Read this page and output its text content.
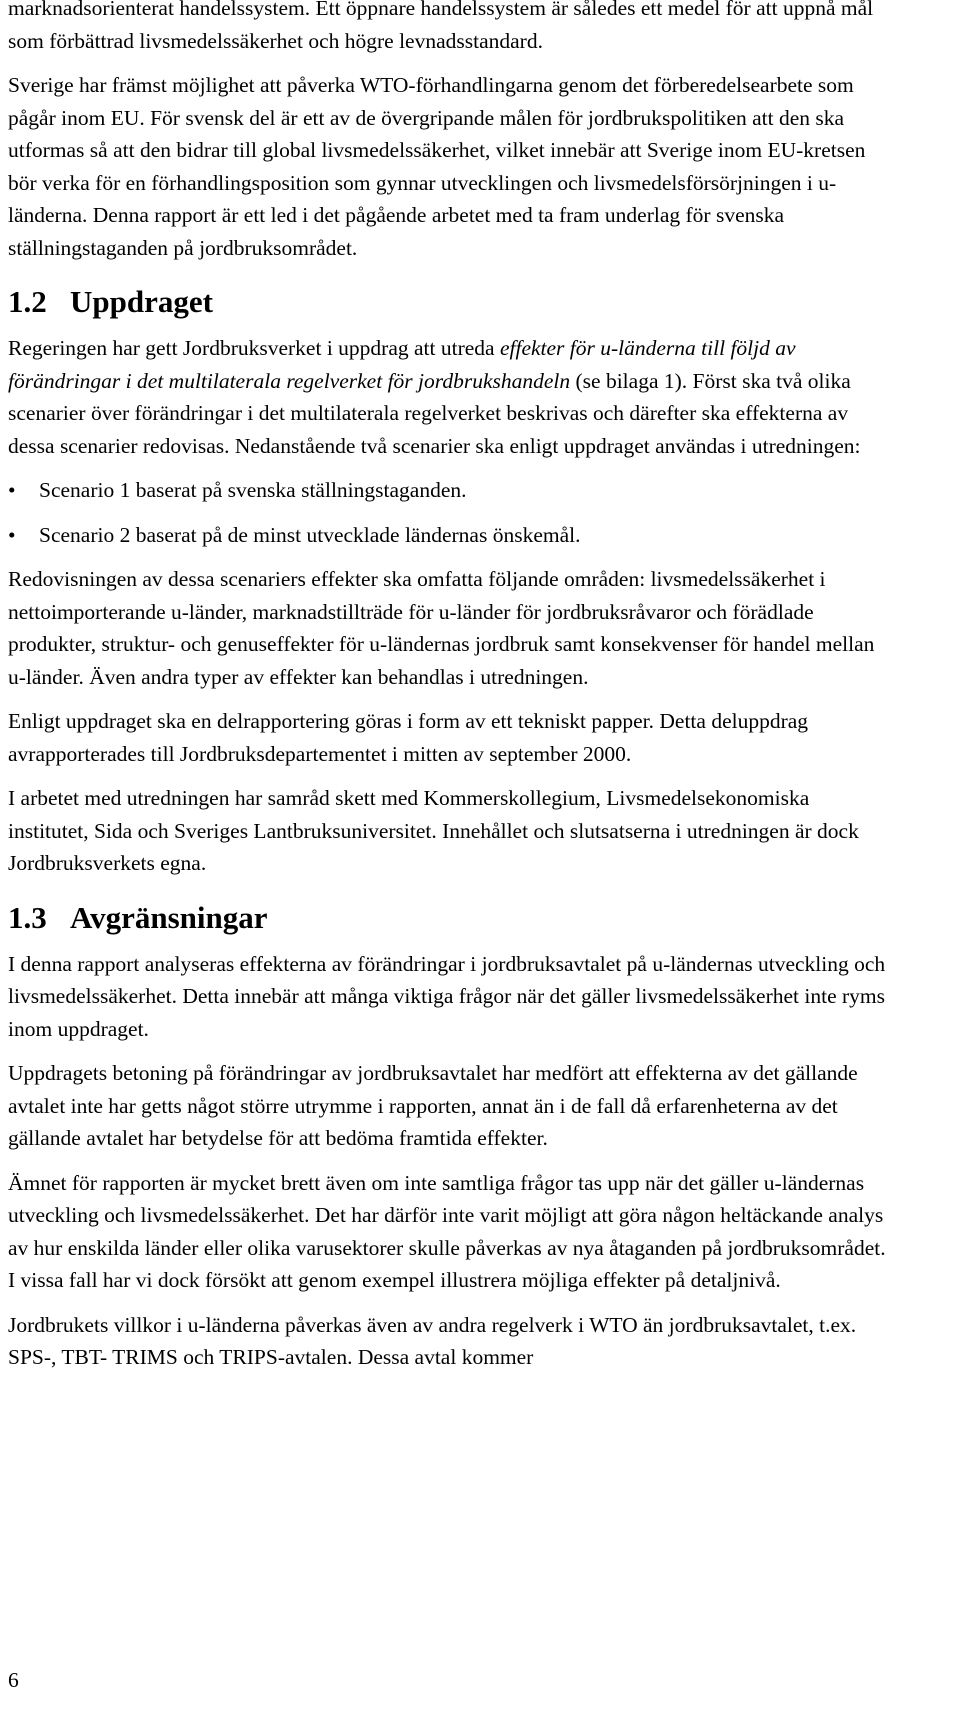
marknadsorienterat handelssystem. Ett öppnare handelssystem är således ett medel för att uppnå mål som förbättrad livsmedelssäkerhet och högre levnadsstandard.

Sverige har främst möjlighet att påverka WTO-förhandlingarna genom det förberedelsearbete som pågår inom EU. För svensk del är ett av de övergripande målen för jordbrukspolitiken att den ska utformas så att den bidrar till global livsmedelssäkerhet, vilket innebär att Sverige inom EU-kretsen bör verka för en förhandlingsposition som gynnar utvecklingen och livsmedelsförsörjningen i u-länderna. Denna rapport är ett led i det pågående arbetet med ta fram underlag för svenska ställningstaganden på jordbruksområdet.

1.2 Uppdraget

Regeringen har gett Jordbruksverket i uppdrag att utreda effekter för u-länderna till följd av förändringar i det multilaterala regelverket för jordbrukshandeln (se bilaga 1). Först ska två olika scenarier över förändringar i det multilaterala regelverket beskrivas och därefter ska effekterna av dessa scenarier redovisas. Nedanstående två scenarier ska enligt uppdraget användas i utredningen:

•	Scenario 1 baserat på svenska ställningstaganden.
•	Scenario 2 baserat på de minst utvecklade ländernas önskemål.

Redovisningen av dessa scenariers effekter ska omfatta följande områden: livsmedelssäkerhet i nettoimporterande u-länder, marknadstillträde för u-länder för jordbruksråvaror och förädlade produkter, struktur- och genuseffekter för u-ländernas jordbruk samt konsekvenser för handel mellan u-länder. Även andra typer av effekter kan behandlas i utredningen.

Enligt uppdraget ska en delrapportering göras i form av ett tekniskt papper. Detta deluppdrag avrapporterades till Jordbruksdepartementet i mitten av september 2000.

I arbetet med utredningen har samråd skett med Kommerskollegium, Livsmedelsekonomiska institutet, Sida och Sveriges Lantbruksuniversitet. Innehållet och slutsatserna i utredningen är dock Jordbruksverkets egna.

1.3 Avgränsningar

I denna rapport analyseras effekterna av förändringar i jordbruksavtalet på u-ländernas utveckling och livsmedelssäkerhet. Detta innebär att många viktiga frågor när det gäller livsmedelssäkerhet inte ryms inom uppdraget.

Uppdragets betoning på förändringar av jordbruksavtalet har medfört att effekterna av det gällande avtalet inte har getts något större utrymme i rapporten, annat än i de fall då erfarenheterna av det gällande avtalet har betydelse för att bedöma framtida effekter.

Ämnet för rapporten är mycket brett även om inte samtliga frågor tas upp när det gäller u-ländernas utveckling och livsmedelssäkerhet. Det har därför inte varit möjligt att göra någon heltäckande analys av hur enskilda länder eller olika varusektorer skulle påverkas av nya åtaganden på jordbruksområdet. I vissa fall har vi dock försökt att genom exempel illustrera möjliga effekter på detaljnivå.

Jordbrukets villkor i u-länderna påverkas även av andra regelverk i WTO än jordbruksavtalet, t.ex. SPS-, TBT- TRIMS och TRIPS-avtalen. Dessa avtal kommer

6
